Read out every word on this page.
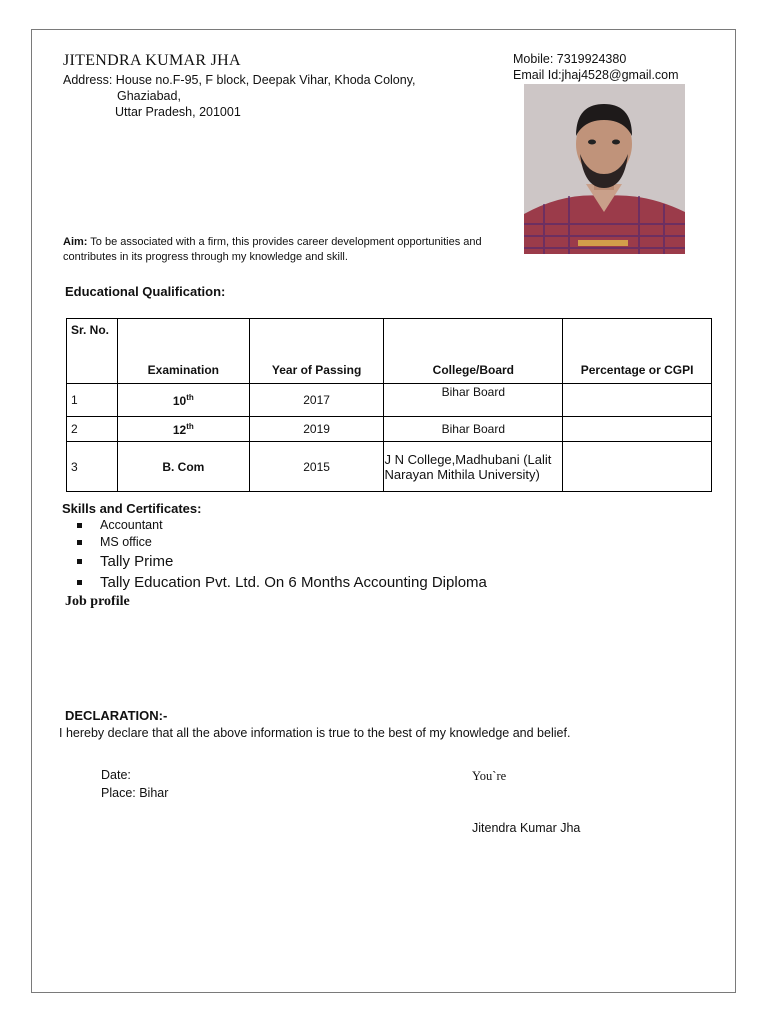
JITENDRA KUMAR JHA
Address: House no.F-95, F block, Deepak Vihar, Khoda Colony,
Ghaziabad,
Uttar Pradesh, 201001
Mobile: 7319924380
Email Id:jhaj4528@gmail.com
Aim: To be associated with a firm, this provides career development opportunities and contributes in its progress through my knowledge and skill.
Educational Qualification:
Sr. No.	Examination	Year of Passing	College/Board	Percentage or CGPI
1	10th	2017	Bihar Board	
2	12th	2019	Bihar Board	
3	B. Com	2015	J N College,Madhubani (Lalit Narayan Mithila University)	
Skills and Certificates:
Accountant
MS office
Tally Prime
Tally Education Pvt. Ltd. On 6 Months Accounting Diploma
Job profile
DECLARATION:-
I hereby declare that all the above information is true to the best of my knowledge and belief.
Date:
Place: Bihar
You`re
Jitendra Kumar Jha
